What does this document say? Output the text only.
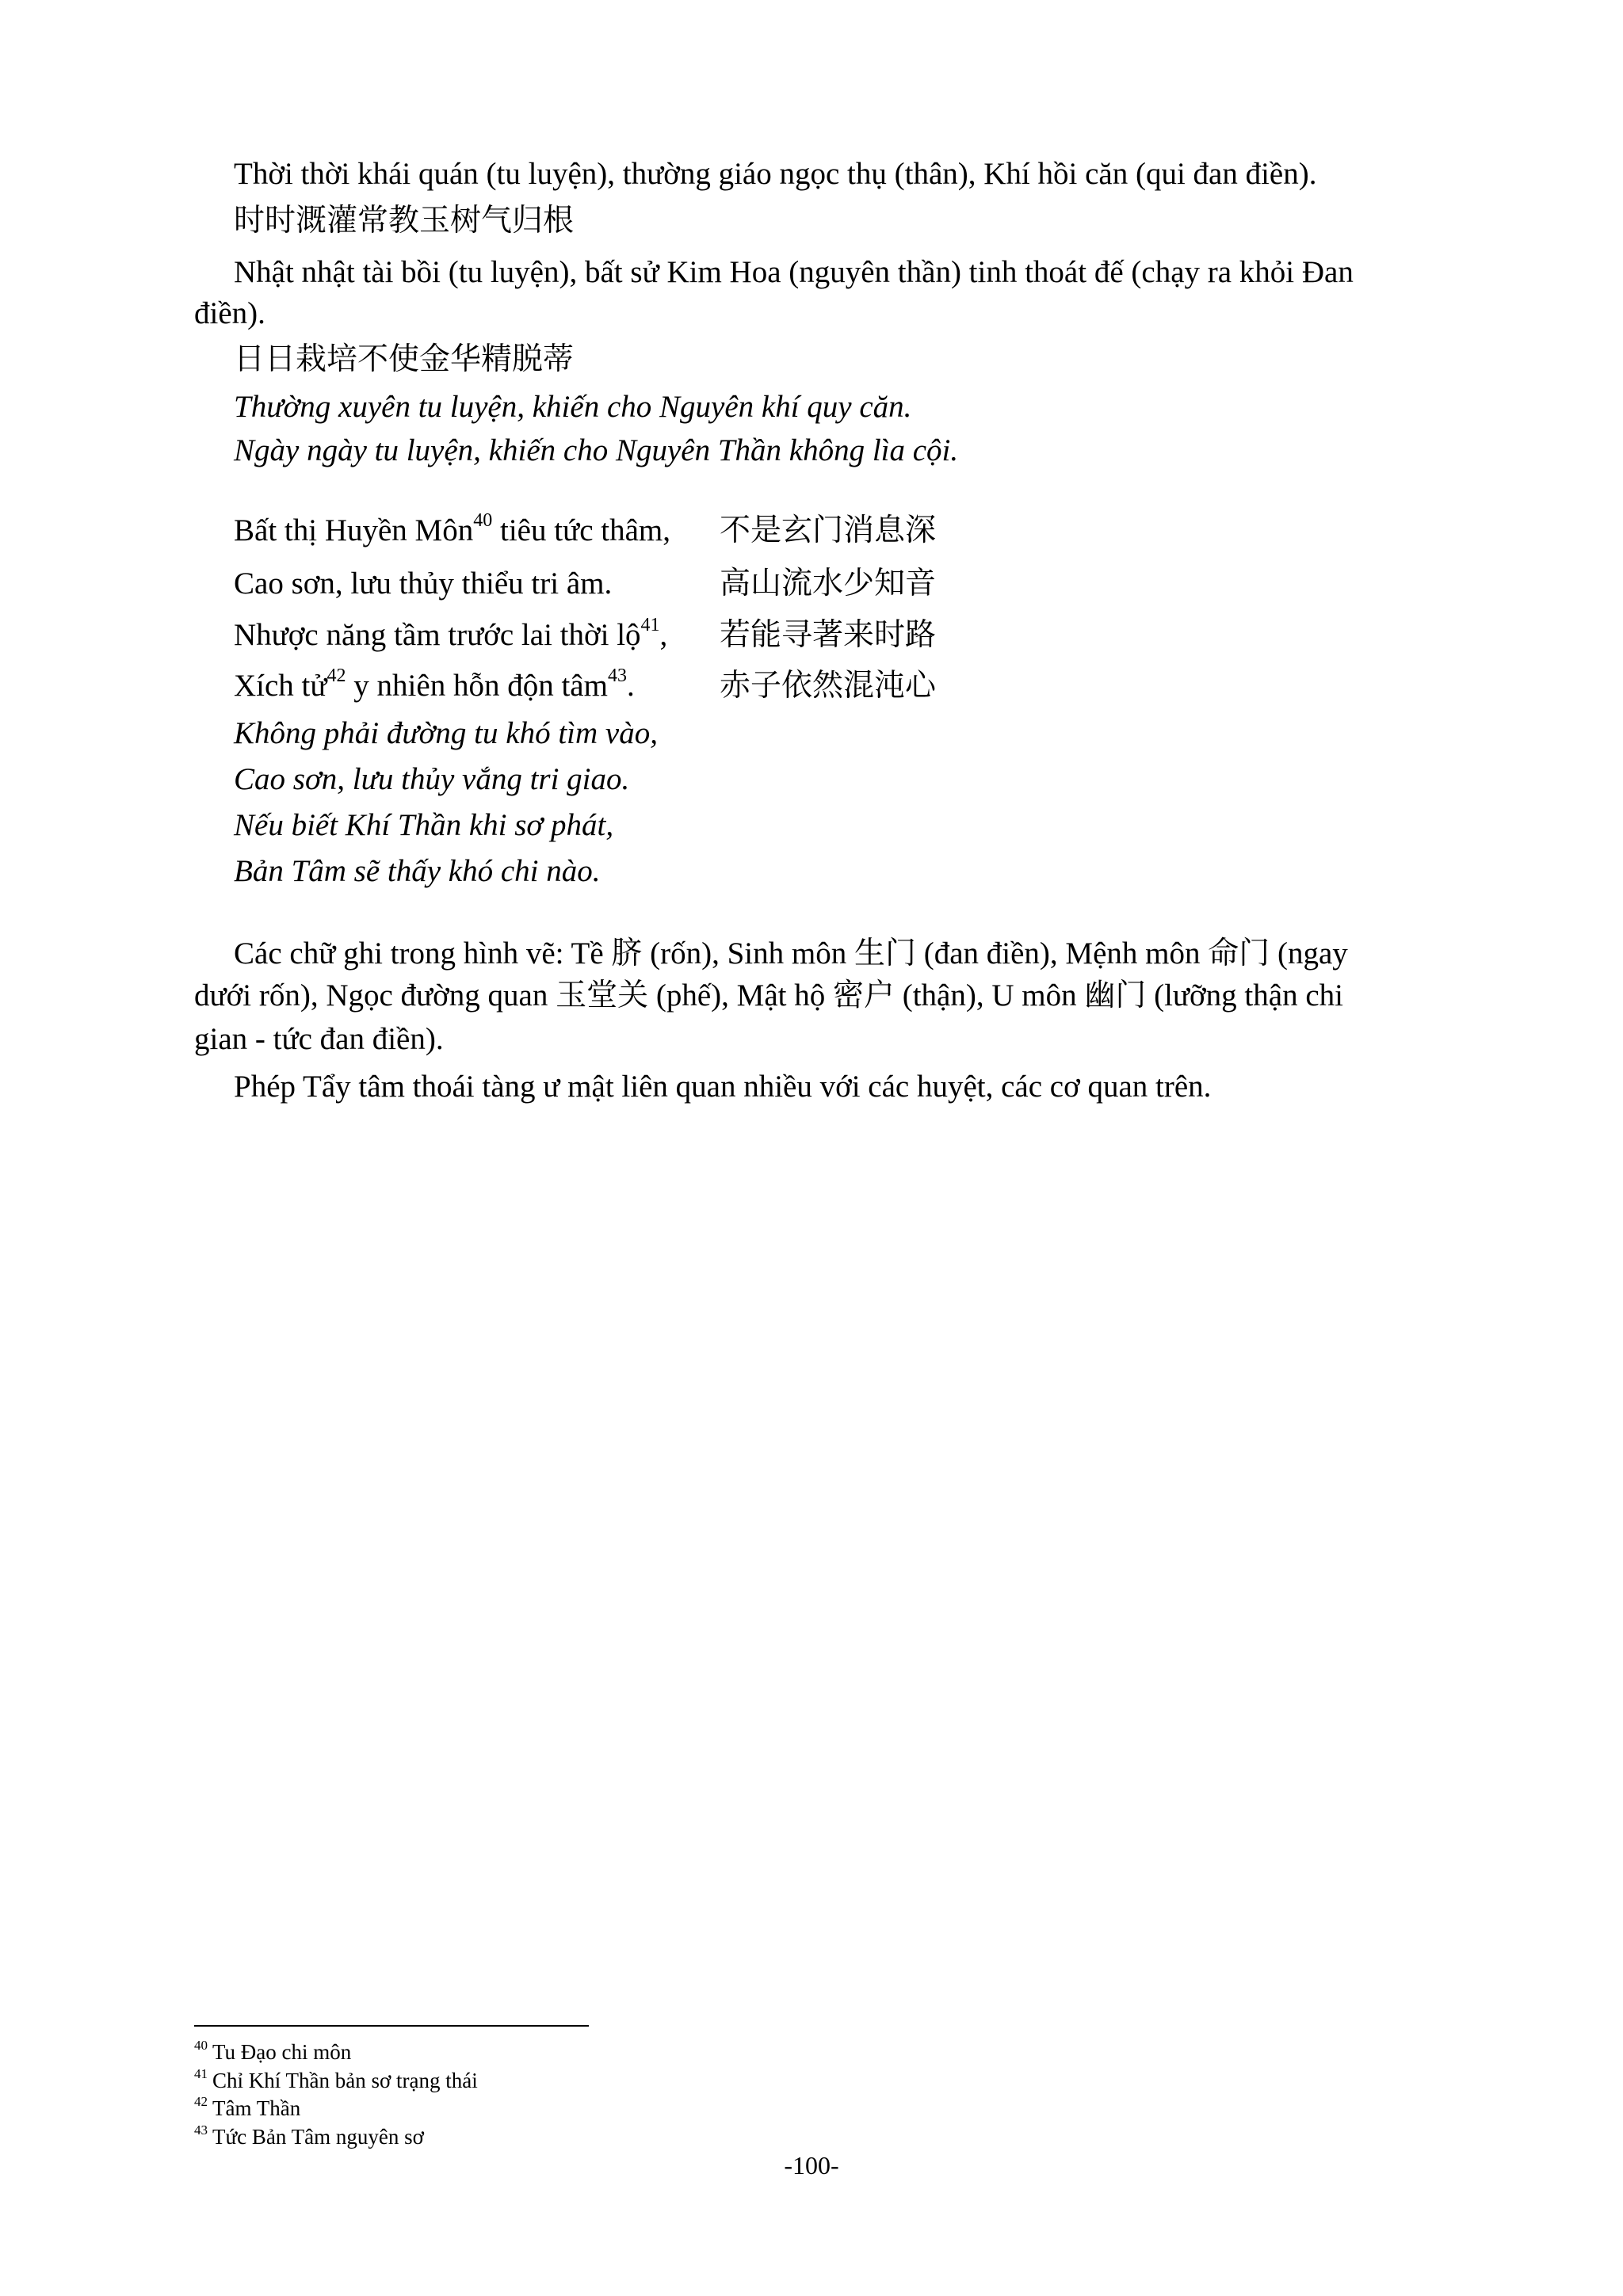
Thời thời khái quán (tu luyện), thường giáo ngọc thụ (thân), Khí hồi căn (qui đan điền).
时时溉灌常教玉树气归根
Nhật nhật tài bồi (tu luyện), bất sử Kim Hoa (nguyên thần) tinh thoát đế (chạy ra khỏi Đan
điền).
日日栽培不使金华精脱蒂
Thường xuyên tu luyện, khiến cho Nguyên khí quy căn.
Ngày ngày tu luyện, khiến cho Nguyên Thần không lìa cội.
Bất thị Huyền Môn$^{40}$ tiêu tức thâm, 不是玄门消息深
Cao sơn, lưu thủy thiểu tri âm.	高山流水少知音
Nhược năng tầm trước lai thời lộ$^{41}$, 若能寻著来时路
Xích tử$^{42}$ y nhiên hỗn độn tâm$^{43}$.	赤子依然混沌心
Không phải đường tu khó tìm vào,
Cao sơn, lưu thủy vắng tri giao.
Nếu biết Khí Thần khi sơ phát,
Bản Tâm sẽ thấy khó chi nào.
Các chữ ghi trong hình vẽ: Tề 脐 (rốn), Sinh môn 生门 (đan điền), Mệnh môn 命门 (ngay
dưới rốn), Ngọc đường quan 玉堂关 (phế), Mật hộ 密户 (thận), U môn 幽门 (lưỡng thận chi
gian - tức đan điền).
Phép Tẩy tâm thoái tàng ư mật liên quan nhiều với các huyệt, các cơ quan trên.
$^{40}$ Tu Đạo chi môn
$^{41}$ Chỉ Khí Thần bản sơ trạng thái
$^{42}$ Tâm Thần
$^{43}$ Tức Bản Tâm nguyên sơ
-100-
